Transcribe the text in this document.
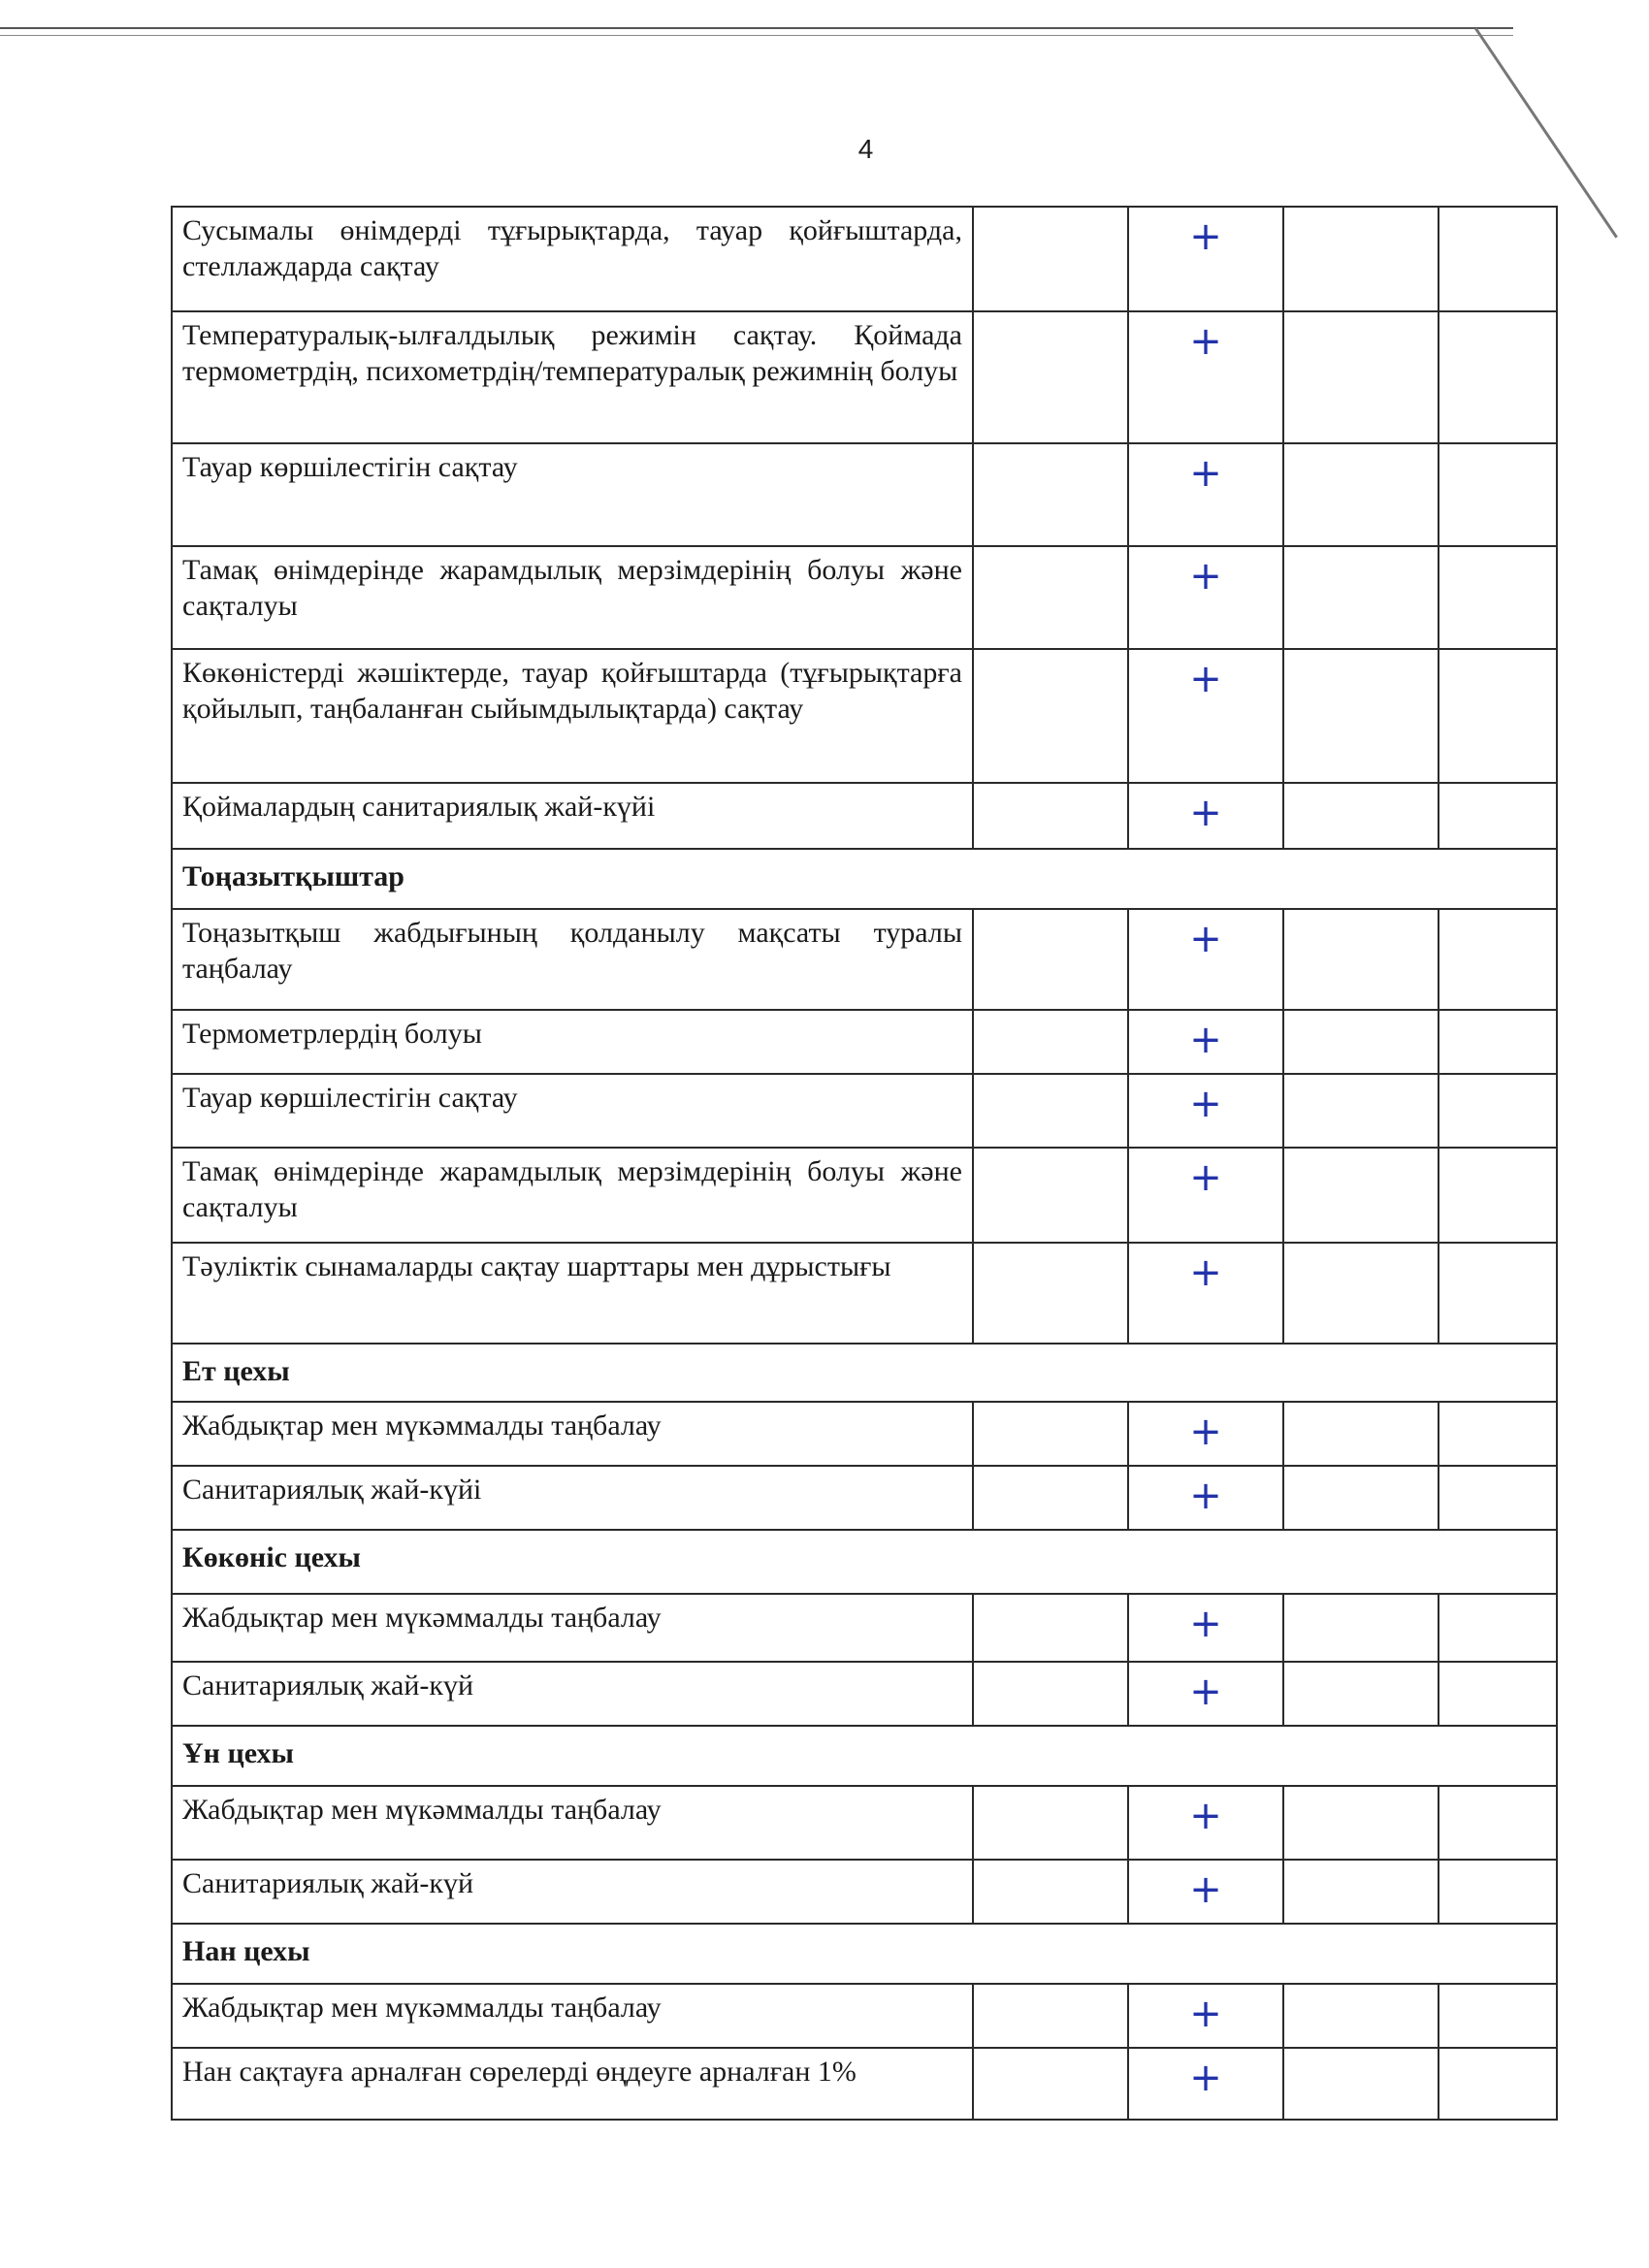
4
Сусымалы өнімдерді тұғырықтарда, тауар қойғыштарда, стеллаждарда сақтау		+		
Температуралық-ылғалдылық режимін сақтау. Қоймада термометрдің, психометрдің/температуралық режимнің болуы		+		
Тауар көршілестігін сақтау		+		
Тамақ өнімдерінде жарамдылық мерзімдерінің болуы және сақталуы		+		
Көкөністерді жәшіктерде, тауар қойғыштарда (тұғырықтарға қойылып, таңбаланған сыйымдылықтарда) сақтау		+		
Қоймалардың санитариялық жай-күйі		+		
Тоңазытқыштар				
Тоңазытқыш жабдығының қолданылу мақсаты туралы таңбалау		+		
Термометрлердің болуы		+		
Тауар көршілестігін сақтау		+		
Тамақ өнімдерінде жарамдылық мерзімдерінің болуы және сақталуы		+		
Тәуліктік сынамаларды сақтау шарттары мен дұрыстығы		+		
Ет цехы				
Жабдықтар мен мүкәммалды таңбалау		+		
Санитариялық жай-күйі		+		
Көкөніс цехы				
Жабдықтар мен мүкәммалды таңбалау		+		
Санитариялық жай-күй		+		
Ұн цехы				
Жабдықтар мен мүкәммалды таңбалау		+		
Санитариялық жай-күй		+		
Нан цехы				
Жабдықтар мен мүкәммалды таңбалау		+		
Нан сақтауға арналған сөрелерді өңдеуге арналған 1%		+		
